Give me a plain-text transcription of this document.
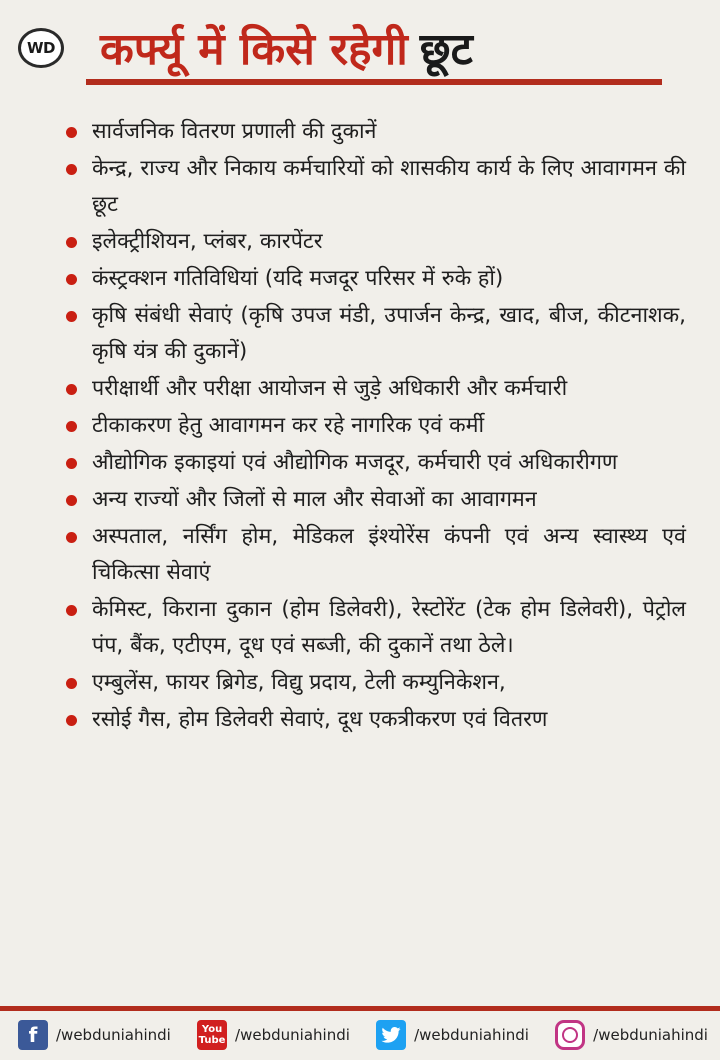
WD कर्फ्यू में किसे रहेगी छूट
सार्वजनिक वितरण प्रणाली की दुकानें
केन्द्र, राज्य और निकाय कर्मचारियों को शासकीय कार्य के लिए आवागमन की छूट
इलेक्ट्रीशियन, प्लंबर, कारपेंटर
कंस्ट्रक्शन गतिविधियां (यदि मजदूर परिसर में रुके हों)
कृषि संबंधी सेवाएं (कृषि उपज मंडी, उपार्जन केन्द्र, खाद, बीज, कीटनाशक, कृषि यंत्र की दुकानें)
परीक्षार्थी और परीक्षा आयोजन से जुड़े अधिकारी और कर्मचारी
टीकाकरण हेतु आवागमन कर रहे नागरिक एवं कर्मी
औद्योगिक इकाइयां एवं औद्योगिक मजदूर, कर्मचारी एवं अधिकारीगण
अन्य राज्यों और जिलों से माल और सेवाओं का आवागमन
अस्पताल, नर्सिंग होम, मेडिकल इंश्योरेंस कंपनी एवं अन्य स्वास्थ्य एवं चिकित्सा सेवाएं
केमिस्ट, किराना दुकान (होम डिलेवरी), रेस्टोरेंट (टेक होम डिलेवरी), पेट्रोल पंप, बैंक, एटीएम, दूध एवं सब्जी, की दुकानें तथा ठेले।
एम्बुलेंस, फायर ब्रिगेड, विद्यु प्रदाय, टेली कम्युनिकेशन,
रसोई गैस, होम डिलेवरी सेवाएं, दूध एकत्रीकरण एवं वितरण
f /webduniahindi	You
Tube /webduniahindi	/webduniahindi	/webduniahindi
